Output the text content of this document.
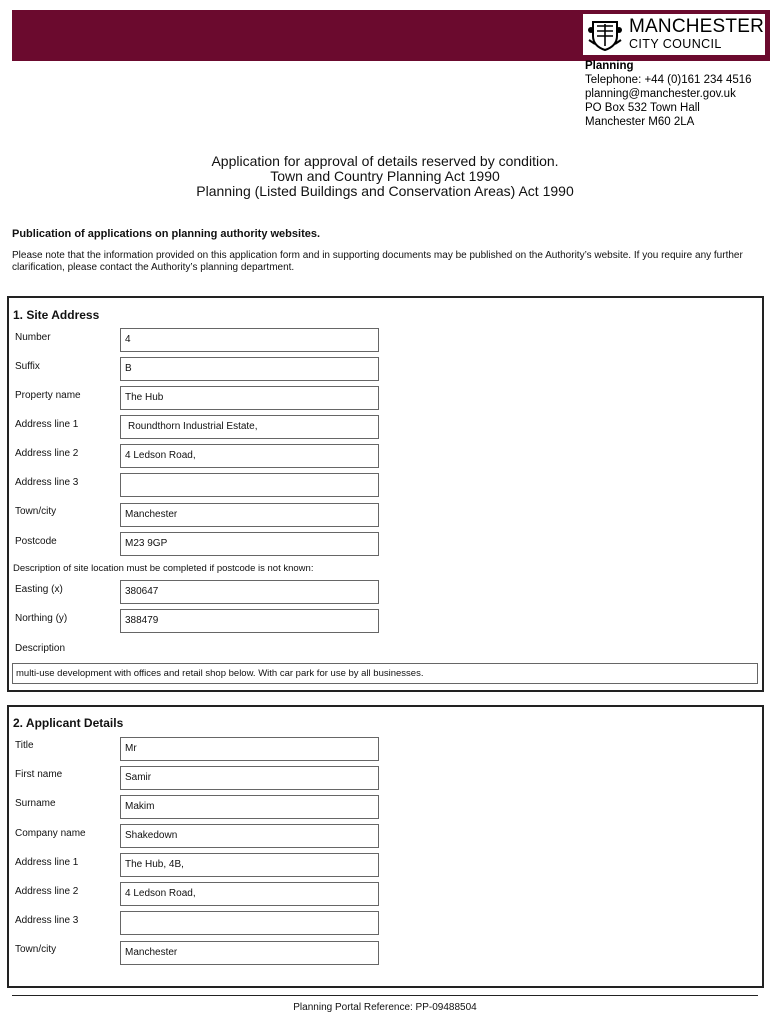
MANCHESTER
CITY COUNCIL
Planning
Telephone: +44 (0)161 234 4516
planning@manchester.gov.uk
PO Box 532 Town Hall
Manchester M60 2LA
Application for approval of details reserved by condition.
Town and Country Planning Act 1990
Planning (Listed Buildings and Conservation Areas) Act 1990
Publication of applications on planning authority websites.
Please note that the information provided on this application form and in supporting documents may be published on the Authority’s website. If you require any further clarification, please contact the Authority’s planning department.
1. Site Address
Number	4
Suffix	B
Property name	The Hub
Address line 1	Roundthorn Industrial Estate,
Address line 2	4 Ledson Road,
Address line 3
Town/city	Manchester
Postcode	M23 9GP
Description of site location must be completed if postcode is not known:
Easting (x)	380647
Northing (y)	388479
Description
multi-use development with offices and retail shop below. With car park for use by all businesses.
2. Applicant Details
Title	Mr
First name	Samir
Surname	Makim
Company name	Shakedown
Address line 1	The Hub, 4B,
Address line 2	4 Ledson Road,
Address line 3
Town/city	Manchester
Planning Portal Reference: PP-09488504
